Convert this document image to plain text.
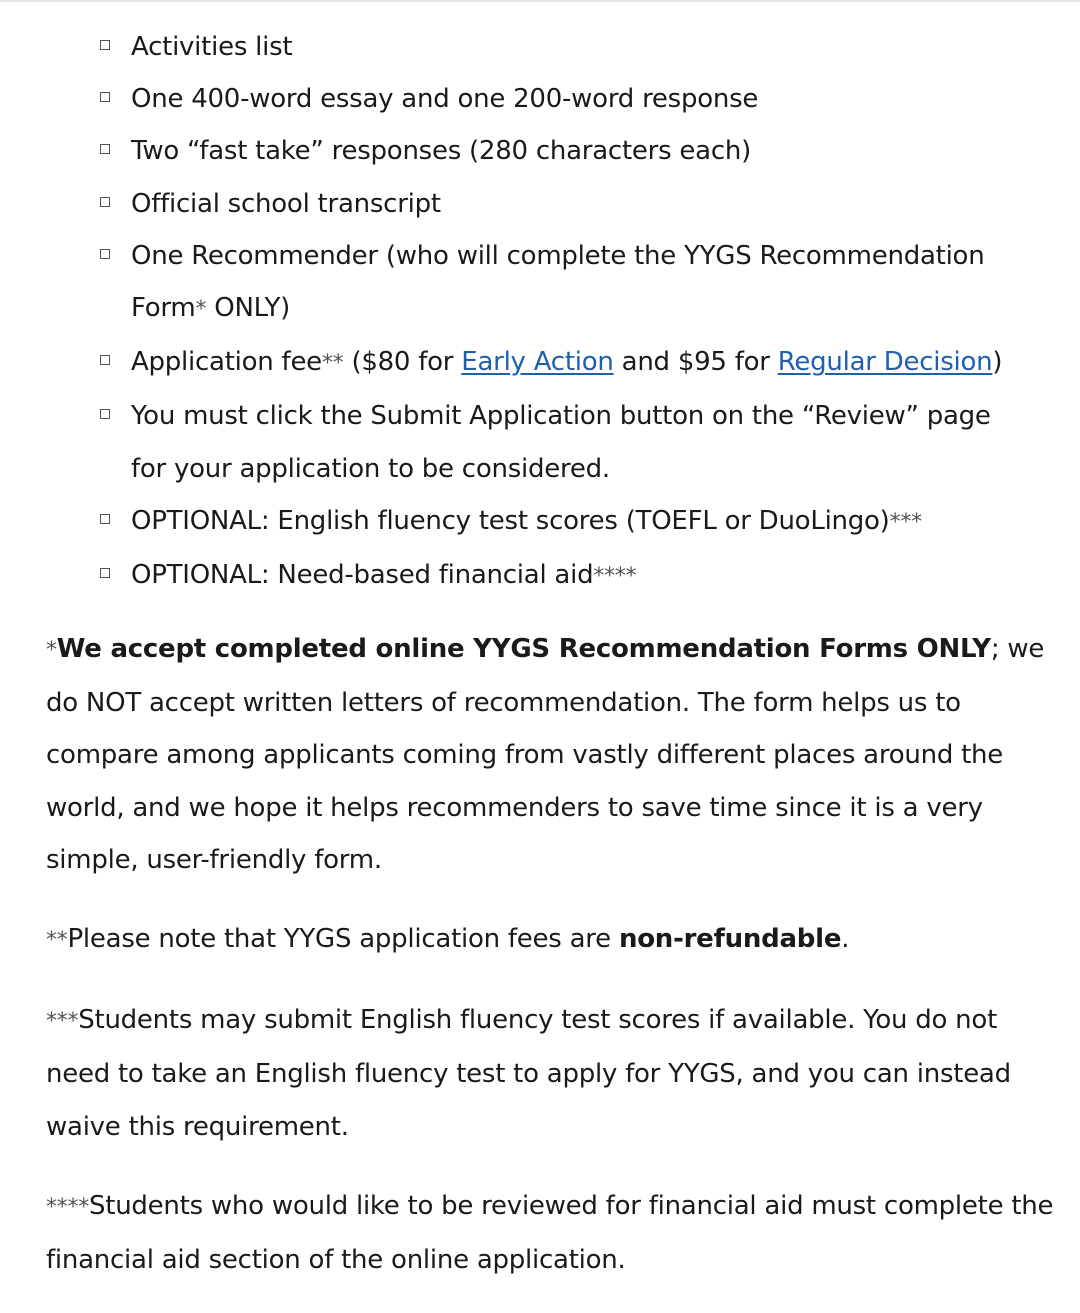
Activities list
One 400-word essay and one 200-word response
Two “fast take” responses (280 characters each)
Official school transcript
One Recommender (who will complete the YYGS Recommendation
Form* ONLY)
Application fee** ($80 for Early Action and $95 for Regular Decision)
You must click the Submit Application button on the “Review” page
for your application to be considered.
OPTIONAL: English fluency test scores (TOEFL or DuoLingo)***
OPTIONAL: Need-based financial aid****

*We accept completed online YYGS Recommendation Forms ONLY; we do NOT accept written letters of recommendation. The form helps us to compare among applicants coming from vastly different places around the world, and we hope it helps recommenders to save time since it is a very simple, user-friendly form.

**Please note that YYGS application fees are non-refundable.

***Students may submit English fluency test scores if available. You do not need to take an English fluency test to apply for YYGS, and you can instead waive this requirement.

****Students who would like to be reviewed for financial aid must complete the financial aid section of the online application.
